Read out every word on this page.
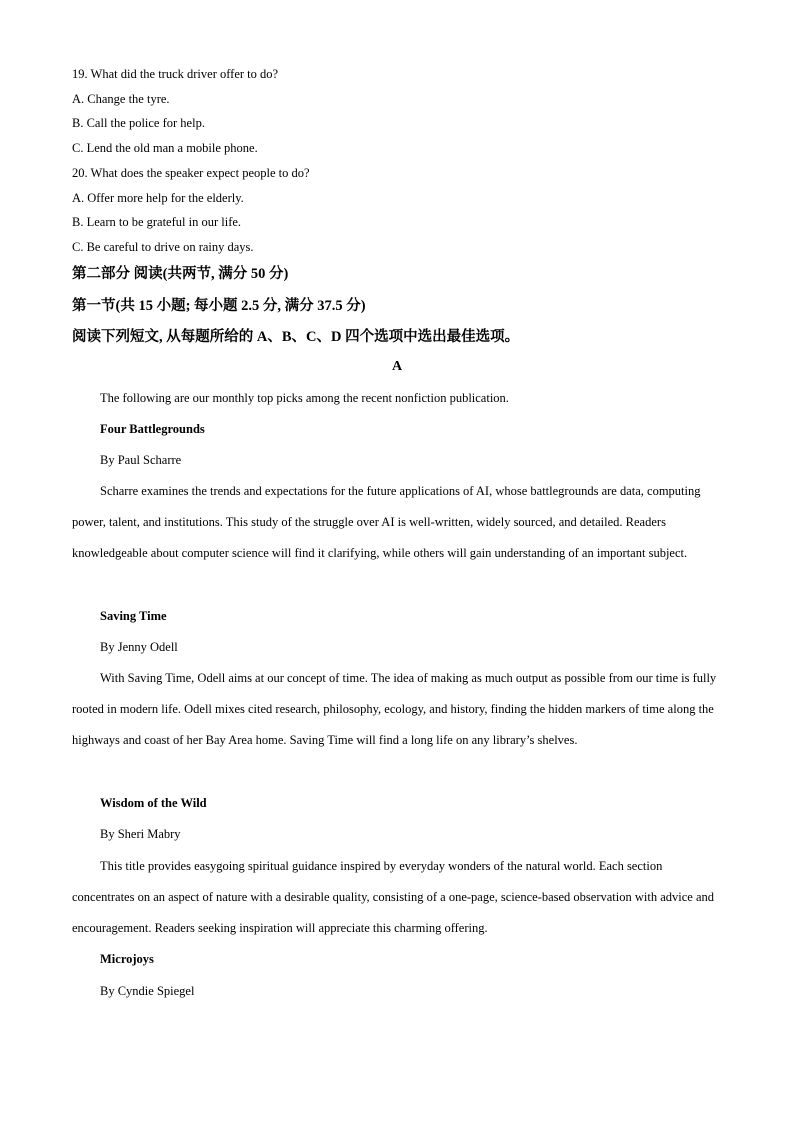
19. What did the truck driver offer to do?
A. Change the tyre.
B. Call the police for help.
C. Lend the old man a mobile phone.
20. What does the speaker expect people to do?
A. Offer more help for the elderly.
B. Learn to be grateful in our life.
C. Be careful to drive on rainy days.
第二部分 阅读(共两节, 满分 50 分)
第一节(共 15 小题; 每小题 2.5 分, 满分 37.5 分)
阅读下列短文, 从每题所给的 A、B、C、D 四个选项中选出最佳选项。
A
The following are our monthly top picks among the recent nonfiction publication.
Four Battlegrounds
By Paul Scharre
Scharre examines the trends and expectations for the future applications of AI, whose battlegrounds are data, computing power, talent, and institutions. This study of the struggle over AI is well-written, widely sourced, and detailed. Readers knowledgeable about computer science will find it clarifying, while others will gain understanding of an important subject.
Saving Time
By Jenny Odell
With Saving Time, Odell aims at our concept of time. The idea of making as much output as possible from our time is fully rooted in modern life. Odell mixes cited research, philosophy, ecology, and history, finding the hidden markers of time along the highways and coast of her Bay Area home. Saving Time will find a long life on any library’s shelves.
Wisdom of the Wild
By Sheri Mabry
This title provides easygoing spiritual guidance inspired by everyday wonders of the natural world. Each section concentrates on an aspect of nature with a desirable quality, consisting of a one-page, science-based observation with advice and encouragement. Readers seeking inspiration will appreciate this charming offering.
Microjoys
By Cyndie Spiegel
